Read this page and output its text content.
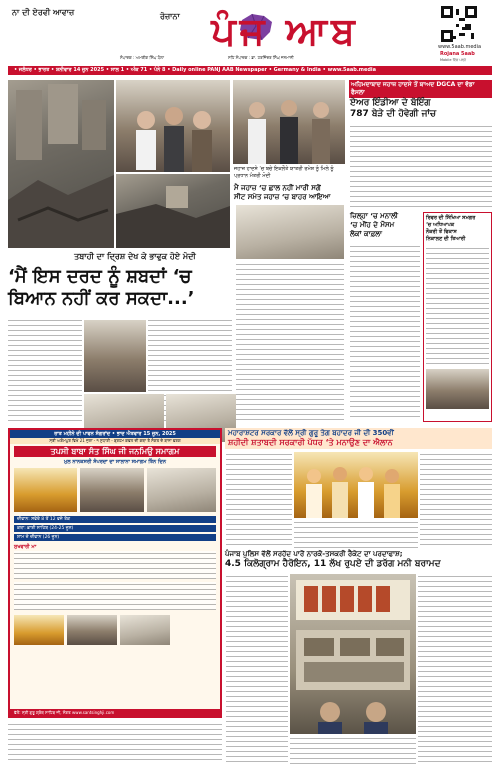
ਨਾ ਦੀ ਏਰਵੀ ਆਵਾਜ਼	ਰੋਜ਼ਾਨਾ ਪੰਜ ਆਬ
ਸੰਪਾਦਕ : ਅਮਰੀਕ ਸਿੰਘ ਧੋਲਾ	ਸਹਿ ਸੰਪਾਦਕ : ਡਾ. ਹਰਜਿੰਦਰ ਸਿੰਘ ਜਨਮਾਨੀ
www.5aab.media
Rojana 5aab
Mobile ਵਿੱਚ ਪੜ੍ਹੋ
• ਜਲੰਧਰ • ਭਾਰਤ • ਸ਼ਨੀਵਾਰ 14 ਜੂਨ 2025 • ਸਾਲ 1 • ਅੰਕ 71 • ਪੰਨੇ 8 • Daily online PANJ AAB Newspaper • Germany & India • www.5aab.media
ਤਬਾਹੀ ਦਾ ਦ੍ਰਿਸ਼ ਦੇਖ ਕੇ ਭਾਵੁਕ ਹੋਏ ਮੋਦੀ
‘ਮੈਂ ਇਸ ਦਰਦ ਨੂੰ ਸ਼ਬਦਾਂ ‘ਚ
ਬਿਆਨ ਨਹੀਂ ਕਰ ਸਕਦਾ...’
ਜਹਾਜ਼ ਹਾਦਸੇ ‘ਚ ਬਚੇ ਇਕਲੌਤੇ ਯਾਤਰੀ ਰਮੇਸ਼ ਨੂੰ ਮਿਲੇ ਨੂੰ ਪ੍ਰਧਾਨ ਮੰਤਰੀ ਮੋਦੀ
ਮੈਂ ਜਹਾਜ਼ ‘ਚ ਛਾਲ ਨਹੀਂ ਮਾਰੀ ਸਗੋਂ
ਸੀਟ ਸਮੇਤ ਜਹਾਜ਼ ‘ਚ ਬਾਹਰ ਆਇਆ
ਅਹਿਮਦਾਬਾਦ ਜਹਾਜ਼ ਹਾਦਸੇ ਤੋਂ ਬਾਅਦ DGCA ਦਾ ਵੱਡਾ ਫੈਸਲਾ
ਏਅਰ ਇੰਡੀਆ ਦੇ ਬੋਇੰਗ
787 ਬੇੜੇ ਦੀ ਹੋਵੇਗੀ ਜਾਂਚ
ਜ਼ਿਲ੍ਹਾ ‘ਚ ਮਨਾਲੀ
‘ਚ ਮੀਂਹ ਦੇ ਮੌਸਮ
ਲੋਕਾਂ ਕਾਫ਼ਲਾ
ਰਿਵਰ ਦੀ ਸਿੱਖਿਆ ਸਮਗਰ
‘ਚ ਅਧਿਆਪਕ
ਨੌਕਰੀ ਤੋਂ ਵਿਕਾਸ
ਨਿਕਾਲਣ ਦੀ ਤਿਆਰੀ
ਰਾਤ ਮਹੀਨੇ ਦੀ ਪਾਵਨ ਸੰਗਰਾਂਦ • ਭਾਦ ਐਤਵਾਰ 15 ਜੂਨ, 2025
ਸ੍ਰੀ ਅਗੰਮਪੁਰ ਵਿਖੇ 21 ਜੁਲਾ - ੧ ਸੁਧਾਰੀ - ਬ੍ਰਹਮ ਕਵਲ ਦੀ ਕਥਾ ਤੇ ਸੰਗਤ ਦੇ ਬਾਨਾ ਵਰਗ
ਤਪਸੀ ਬਾਬਾ ਸੰਤ ਸਿੰਘ ਜੀ ਜਨਮਿਉ ਸਮਾਗਮ
ਮੁਲ ਨਾਨਕਸਰੀ ਸੰਪਰਦਾ ਦਾ ਸਾਲਾਨਾ ਸਮਾਗਮ ਤਿੰਨ ਦਿਨ
ਦੀਵਾਨ: ਸਵੇਰੇ 8 ਤੋਂ 12 ਵਜੇ ਤੱਕ
ਕਥਾ: ਭਾਈ ਸਾਹਿਬ (24-25 ਜੂਨ)
ਸ਼ਾਮ ਦੇ ਦੀਵਾਨ (26 ਜੂਨ)
ਸੁਖਵਾਰੀ ਮਾ
ਵੱਲੋਂ: ਸ੍ਰੀ ਗੁਰੂ ਗ੍ਰੰਥ ਸਾਹਿਬ ਜੀ, ਸੰਗਤ www.santsinghji.com
ਮਹਾਰਾਸ਼ਟਰ ਸਰਕਾਰ ਵੱਲੋਂ ਸ੍ਰੀ ਗੁਰੂ ਤੇਗ ਬਹਾਦਰ ਜੀ ਦੀ 350ਵੀਂ
ਸ਼ਹੀਦੀ ਸ਼ਤਾਬਦੀ ਸਰਕਾਰੀ ਪੱਧਰ ‘ਤੇ ਮਨਾਉਣ ਦਾ ਐਲਾਨ
ਪੰਜਾਬ ਪੁਲਿਸ ਵੱਲੋਂ ਸਰਹੱਦ ਪਾਰੋਂ ਨਾਰਕੋ-ਤਸਕਰੀ ਰੈਕੇਟ ਦਾ ਪਰਦਾਫਾਸ਼;
4.5 ਕਿਲੋਗ੍ਰਾਮ ਹੈਰੋਇਨ, 11 ਲੱਖ ਰੁਪਏ ਦੀ ਡਰੱਗ ਮਨੀ ਬਰਾਮਦ
